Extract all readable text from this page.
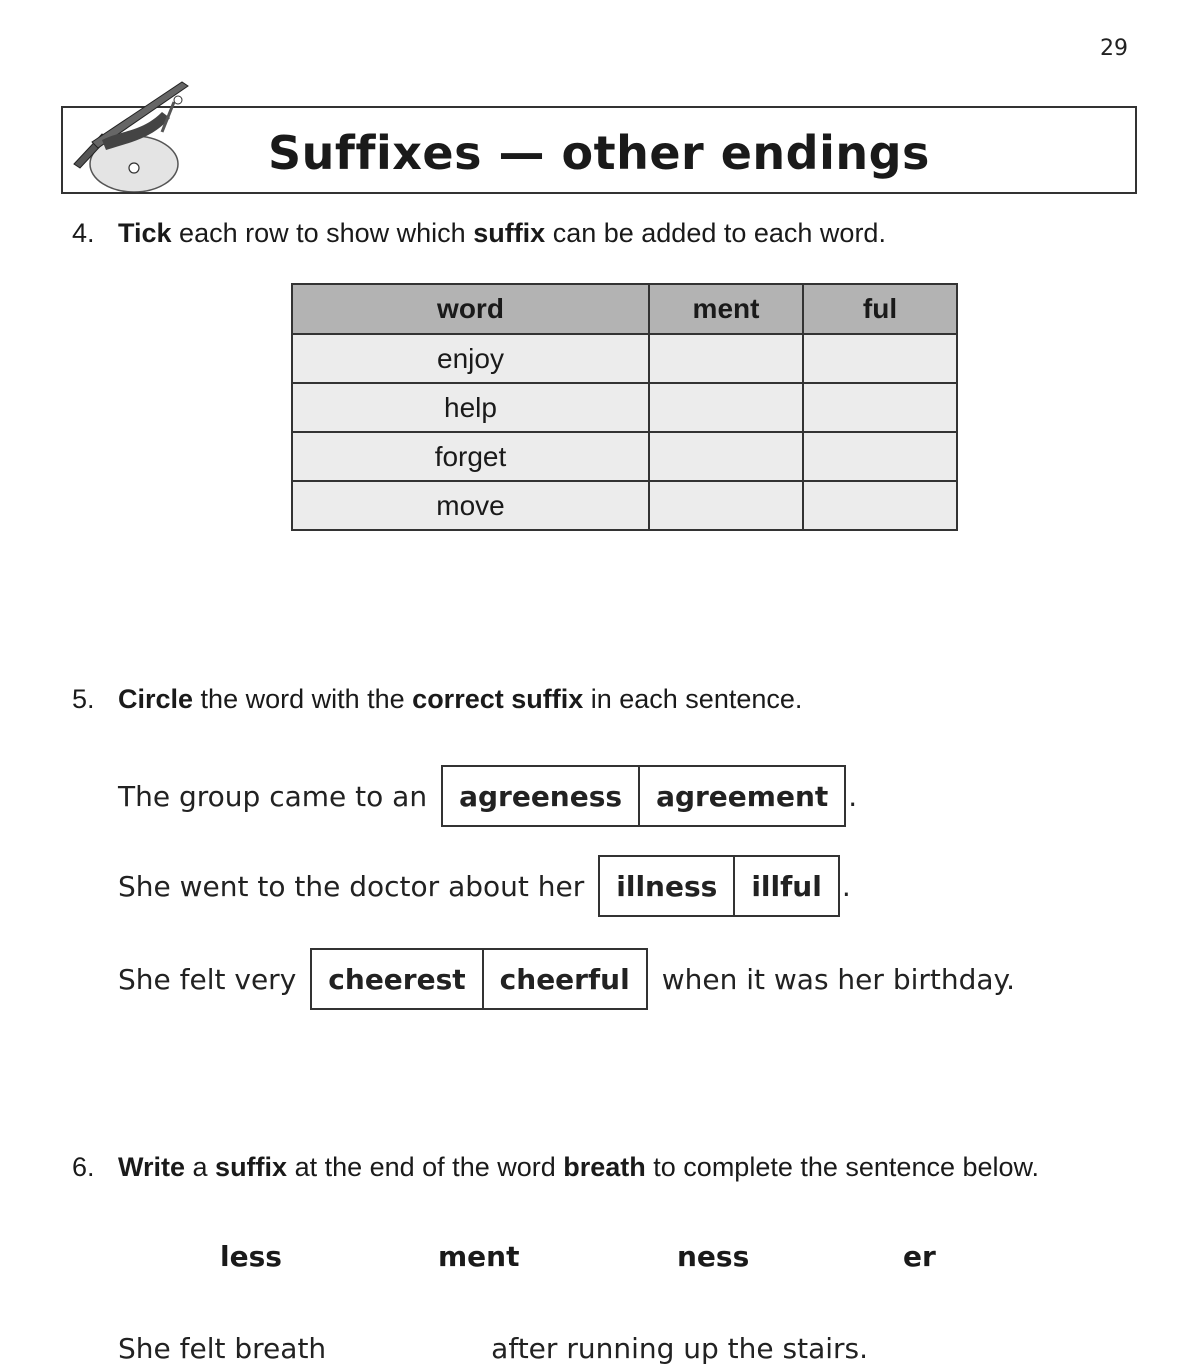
29
Suffixes — other endings
4. Tick each row to show which suffix can be added to each word.
word	ment	ful
enjoy		
help		
forget		
move		
5. Circle the word with the correct suffix in each sentence.
The group came to an	agreeness	agreement .
She went to the doctor about her	illness	illful .
She felt very	cheerest	cheerful	when it was her birthday.
6. Write a suffix at the end of the word breath to complete the sentence below.
less	ment	ness	er
She felt breath	after running up the stairs.
